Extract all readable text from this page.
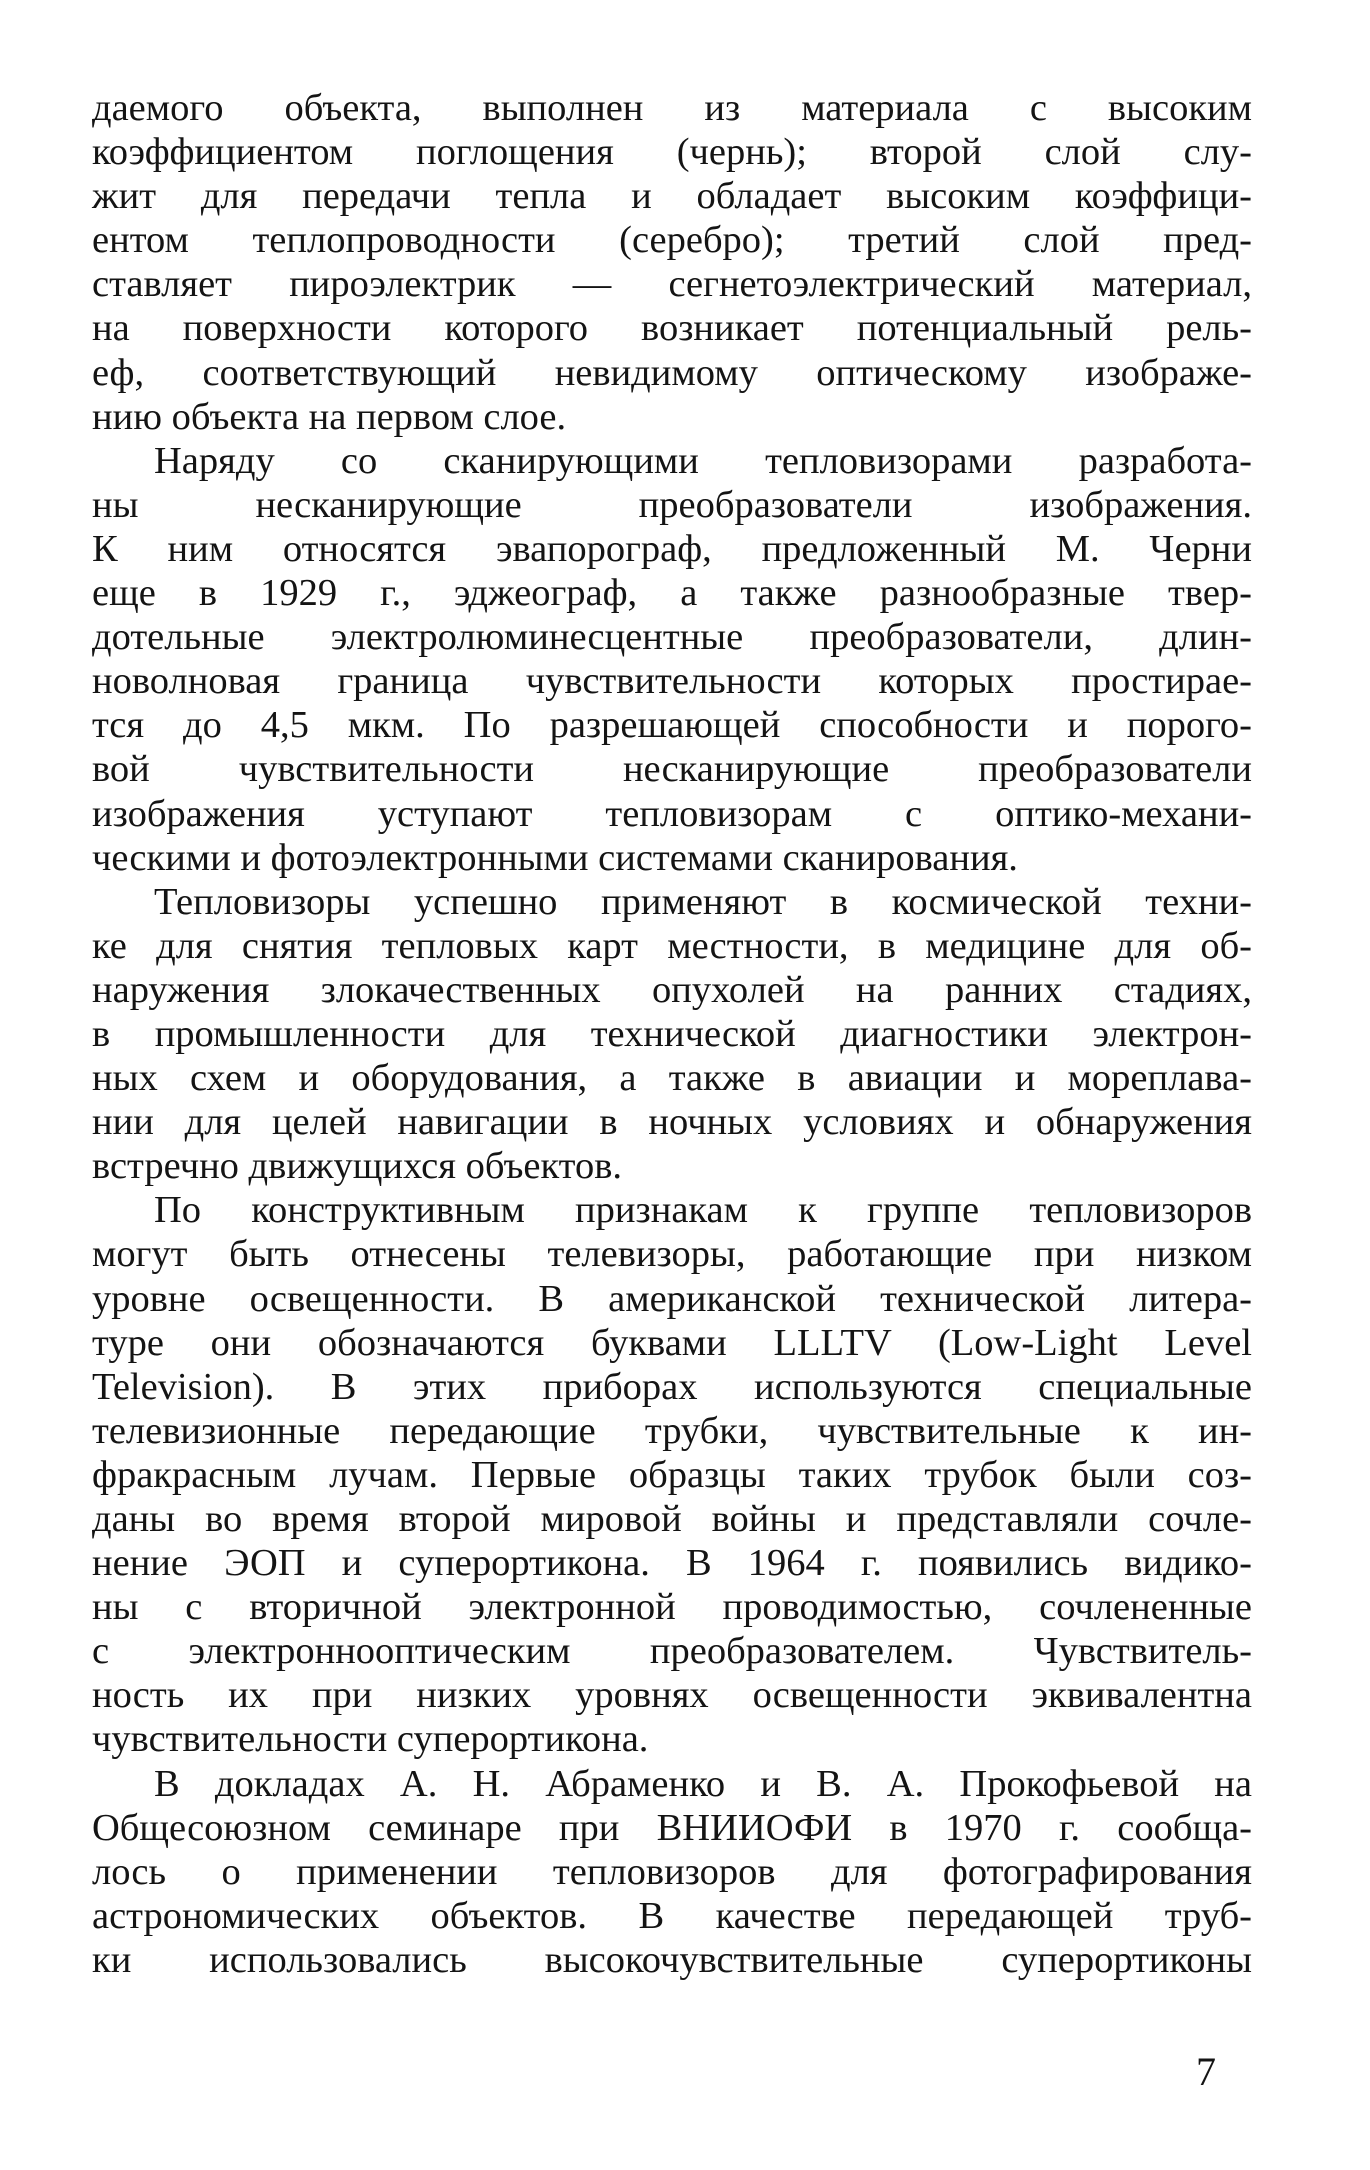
даемого объекта, выполнен из материала с высоким
коэффициентом поглощения (чернь); второй слой слу-
жит для передачи тепла и обладает высоким коэффици-
ентом теплопроводности (серебро); третий слой пред-
ставляет пироэлектрик — сегнетоэлектрический материал,
на поверхности которого возникает потенциальный рель-
еф, соответствующий невидимому оптическому изображе-
нию объекта на первом слое.
Наряду со сканирующими тепловизорами разработа-
ны несканирующие преобразователи изображения.
К ним относятся эвапорограф, предложенный М. Черни
еще в 1929 г., эджеограф, а также разнообразные твер-
дотельные электролюминесцентные преобразователи, длин-
новолновая граница чувствительности которых простирае-
тся до 4,5 мкм. По разрешающей способности и порого-
вой чувствительности несканирующие преобразователи
изображения уступают тепловизорам с оптико-механи-
ческими и фотоэлектронными системами сканирования.
Тепловизоры успешно применяют в космической техни-
ке для снятия тепловых карт местности, в медицине для об-
наружения злокачественных опухолей на ранних стадиях,
в промышленности для технической диагностики электрон-
ных схем и оборудования, а также в авиации и мореплава-
нии для целей навигации в ночных условиях и обнаружения
встречно движущихся объектов.
По конструктивным признакам к группе тепловизоров
могут быть отнесены телевизоры, работающие при низком
уровне освещенности. В американской технической литера-
туре они обозначаются буквами LLLTV (Low-Light Level
Television). В этих приборах используются специальные
телевизионные передающие трубки, чувствительные к ин-
фракрасным лучам. Первые образцы таких трубок были соз-
даны во время второй мировой войны и представляли сочле-
нение ЭОП и суперортикона. В 1964 г. появились видико-
ны с вторичной электронной проводимостью, сочлененные
с электроннооптическим преобразователем. Чувствитель-
ность их при низких уровнях освещенности эквивалентна
чувствительности суперортикона.
В докладах А. Н. Абраменко и В. А. Прокофьевой на
Общесоюзном семинаре при ВНИИОФИ в 1970 г. сообща-
лось о применении тепловизоров для фотографирования
астрономических объектов. В качестве передающей труб-
ки использовались высокочувствительные суперортиконы
7
